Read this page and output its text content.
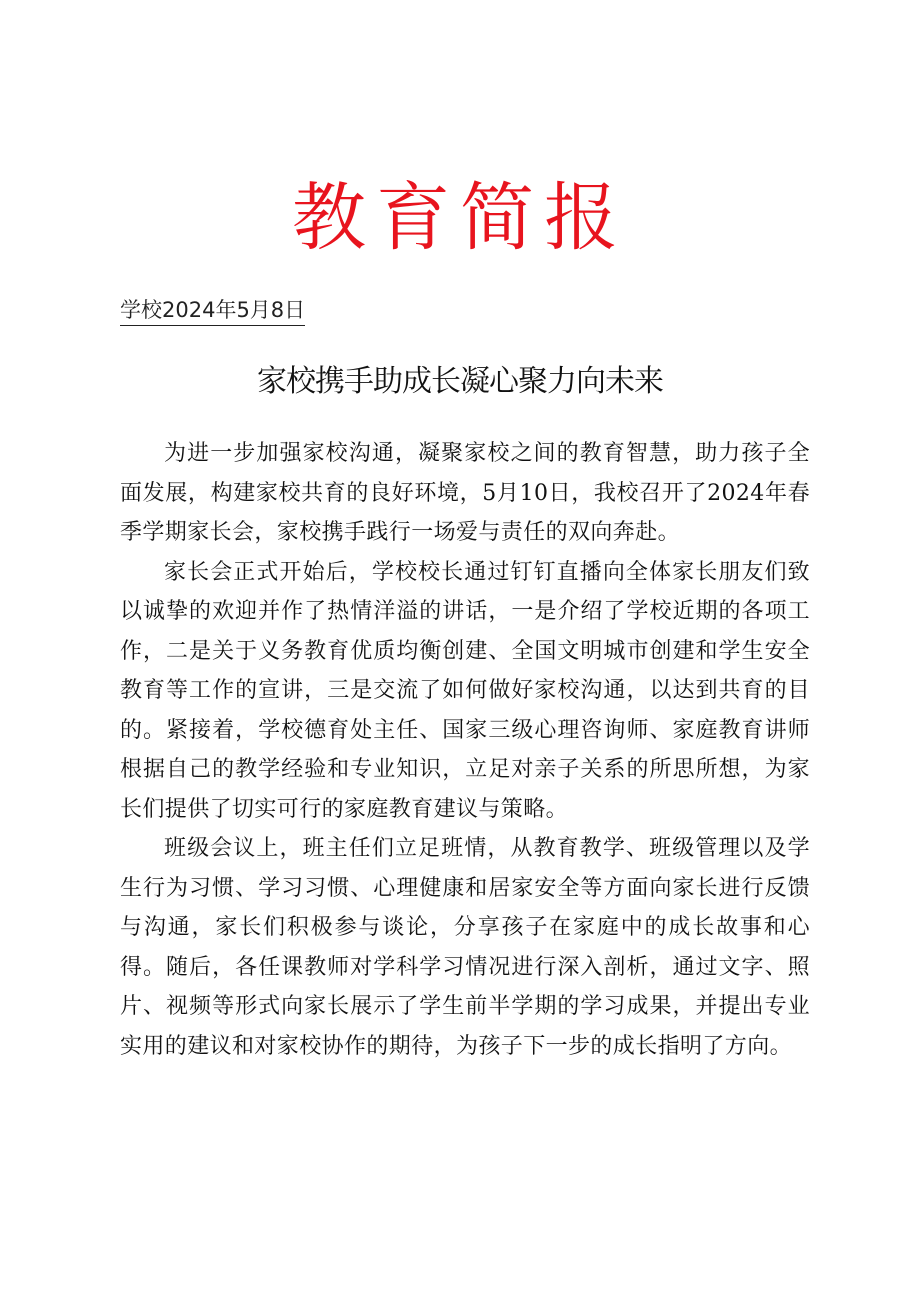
教育简报
学校2024年5月8日
家校携手助成长凝心聚力向未来

为进一步加强家校沟通，凝聚家校之间的教育智慧，助力孩子全面发展，构建家校共育的良好环境，5月10日，我校召开了2024年春季学期家长会，家校携手践行一场爱与责任的双向奔赴。

家长会正式开始后，学校校长通过钉钉直播向全体家长朋友们致以诚挚的欢迎并作了热情洋溢的讲话，一是介绍了学校近期的各项工作，二是关于义务教育优质均衡创建、全国文明城市创建和学生安全教育等工作的宣讲，三是交流了如何做好家校沟通，以达到共育的目的。紧接着，学校德育处主任、国家三级心理咨询师、家庭教育讲师根据自己的教学经验和专业知识，立足对亲子关系的所思所想，为家长们提供了切实可行的家庭教育建议与策略。

班级会议上，班主任们立足班情，从教育教学、班级管理以及学生行为习惯、学习习惯、心理健康和居家安全等方面向家长进行反馈与沟通，家长们积极参与谈论，分享孩子在家庭中的成长故事和心得。随后，各任课教师对学科学习情况进行深入剖析，通过文字、照片、视频等形式向家长展示了学生前半学期的学习成果，并提出专业实用的建议和对家校协作的期待，为孩子下一步的成长指明了方向。
